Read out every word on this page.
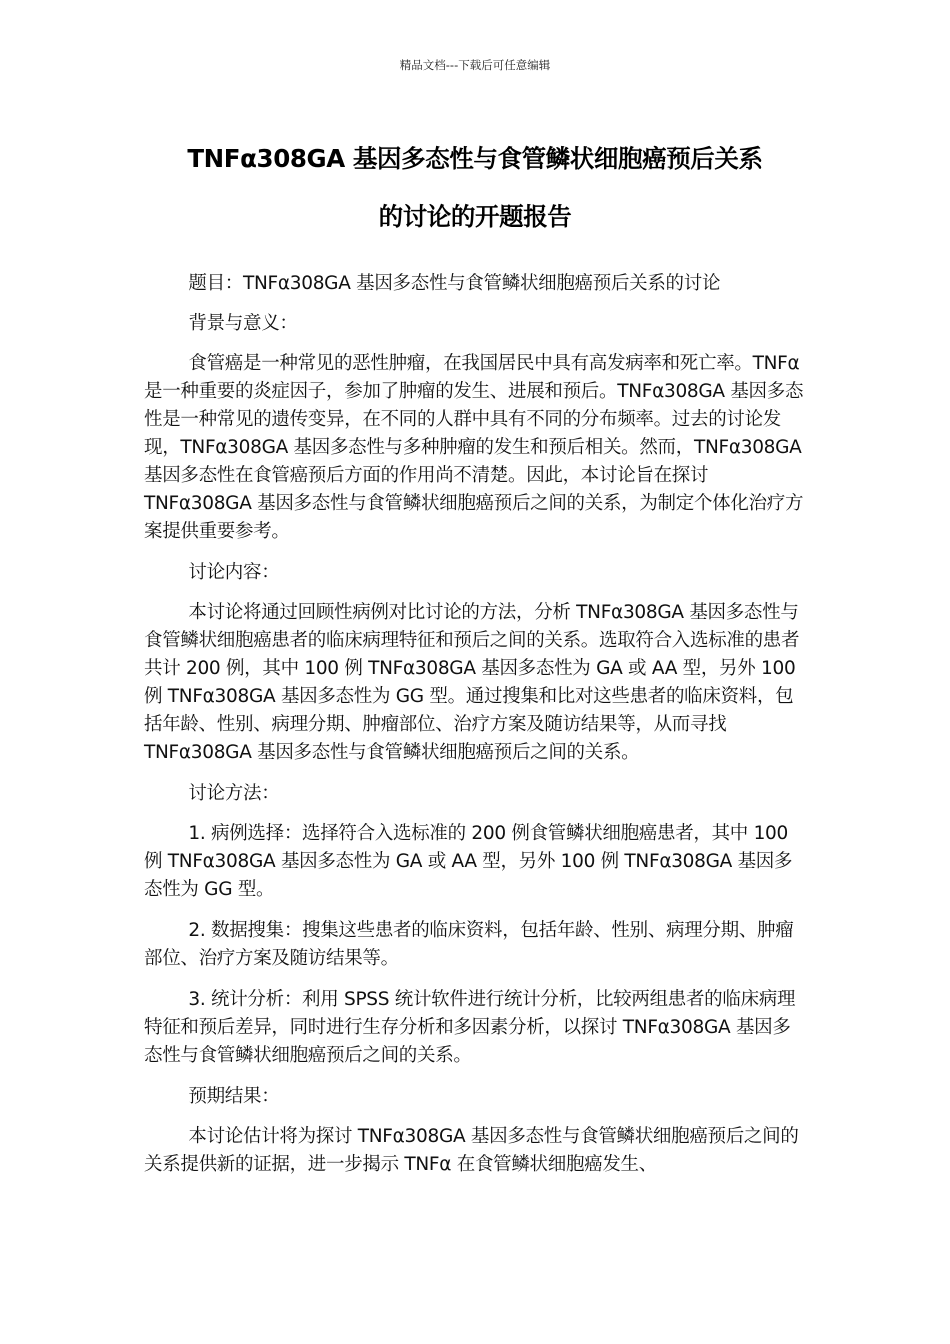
精品文档---下载后可任意编辑
TNFα308GA 基因多态性与食管鳞状细胞癌预后关系
的讨论的开题报告

题目：TNFα308GA 基因多态性与食管鳞状细胞癌预后关系的讨论

背景与意义：

食管癌是一种常见的恶性肿瘤，在我国居民中具有高发病率和死亡率。TNFα 是一种重要的炎症因子，参加了肿瘤的发生、进展和预后。TNFα308GA 基因多态性是一种常见的遗传变异，在不同的人群中具有不同的分布频率。过去的讨论发现，TNFα308GA 基因多态性与多种肿瘤的发生和预后相关。然而，TNFα308GA 基因多态性在食管癌预后方面的作用尚不清楚。因此，本讨论旨在探讨 TNFα308GA 基因多态性与食管鳞状细胞癌预后之间的关系，为制定个体化治疗方案提供重要参考。

讨论内容：

本讨论将通过回顾性病例对比讨论的方法，分析 TNFα308GA 基因多态性与食管鳞状细胞癌患者的临床病理特征和预后之间的关系。选取符合入选标准的患者共计 200 例，其中 100 例 TNFα308GA 基因多态性为 GA 或 AA 型，另外 100 例 TNFα308GA 基因多态性为 GG 型。通过搜集和比对这些患者的临床资料，包括年龄、性别、病理分期、肿瘤部位、治疗方案及随访结果等，从而寻找 TNFα308GA 基因多态性与食管鳞状细胞癌预后之间的关系。

讨论方法：

1. 病例选择：选择符合入选标准的 200 例食管鳞状细胞癌患者，其中 100 例 TNFα308GA 基因多态性为 GA 或 AA 型，另外 100 例 TNFα308GA 基因多态性为 GG 型。

2. 数据搜集：搜集这些患者的临床资料，包括年龄、性别、病理分期、肿瘤部位、治疗方案及随访结果等。

3. 统计分析：利用 SPSS 统计软件进行统计分析，比较两组患者的临床病理特征和预后差异，同时进行生存分析和多因素分析，以探讨 TNFα308GA 基因多态性与食管鳞状细胞癌预后之间的关系。

预期结果：

本讨论估计将为探讨 TNFα308GA 基因多态性与食管鳞状细胞癌预后之间的关系提供新的证据，进一步揭示 TNFα 在食管鳞状细胞癌发生、
